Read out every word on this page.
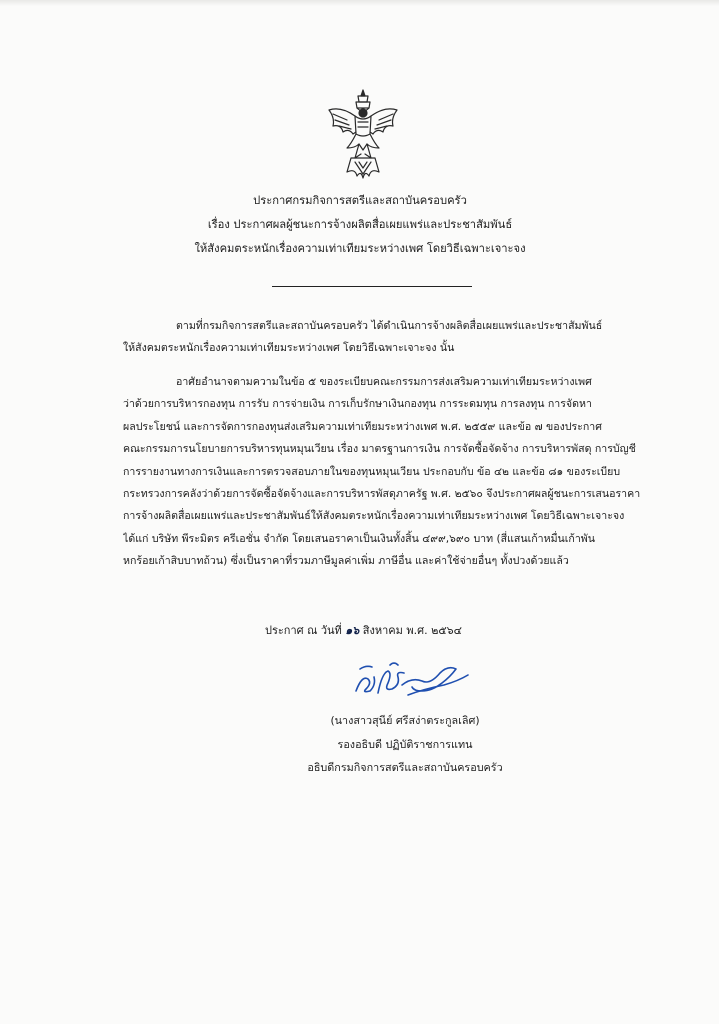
ประกาศกรมกิจการสตรีและสถาบันครอบครัว
เรื่อง ประกาศผลผู้ชนะการจ้างผลิตสื่อเผยแพร่และประชาสัมพันธ์
ให้สังคมตระหนักเรื่องความเท่าเทียมระหว่างเพศ โดยวิธีเฉพาะเจาะจง
ตามที่กรมกิจการสตรีและสถาบันครอบครัว ได้ดำเนินการจ้างผลิตสื่อเผยแพร่และประชาสัมพันธ์
ให้สังคมตระหนักเรื่องความเท่าเทียมระหว่างเพศ โดยวิธีเฉพาะเจาะจง นั้น
อาศัยอำนาจตามความในข้อ ๕ ของระเบียบคณะกรรมการส่งเสริมความเท่าเทียมระหว่างเพศ
ว่าด้วยการบริหารกองทุน การรับ การจ่ายเงิน การเก็บรักษาเงินกองทุน การระดมทุน การลงทุน การจัดหา
ผลประโยชน์ และการจัดการกองทุนส่งเสริมความเท่าเทียมระหว่างเพศ พ.ศ. ๒๕๕๙ และข้อ ๗ ของประกาศ
คณะกรรมการนโยบายการบริหารทุนหมุนเวียน เรื่อง มาตรฐานการเงิน การจัดซื้อจัดจ้าง การบริหารพัสดุ การบัญชี
การรายงานทางการเงินและการตรวจสอบภายในของทุนหมุนเวียน ประกอบกับ ข้อ ๔๒ และข้อ ๘๑ ของระเบียบ
กระทรวงการคลังว่าด้วยการจัดซื้อจัดจ้างและการบริหารพัสดุภาครัฐ พ.ศ. ๒๕๖๐ จึงประกาศผลผู้ชนะการเสนอราคา
การจ้างผลิตสื่อเผยแพร่และประชาสัมพันธ์ให้สังคมตระหนักเรื่องความเท่าเทียมระหว่างเพศ โดยวิธีเฉพาะเจาะจง
ได้แก่ บริษัท พีระมิตร ครีเอชั่น จำกัด โดยเสนอราคาเป็นเงินทั้งสิ้น ๔๙๙,๖๙๐ บาท (สี่แสนเก้าหมื่นเก้าพัน
หกร้อยเก้าสิบบาทถ้วน) ซึ่งเป็นราคาที่รวมภาษีมูลค่าเพิ่ม ภาษีอื่น และค่าใช้จ่ายอื่นๆ ทั้งปวงด้วยแล้ว
ประกาศ ณ วันที่ ๑๖ สิงหาคม พ.ศ. ๒๕๖๔
(นางสาวสุนีย์ ศรีสง่าตระกูลเลิศ)
รองอธิบดี ปฏิบัติราชการแทน
อธิบดีกรมกิจการสตรีและสถาบันครอบครัว
